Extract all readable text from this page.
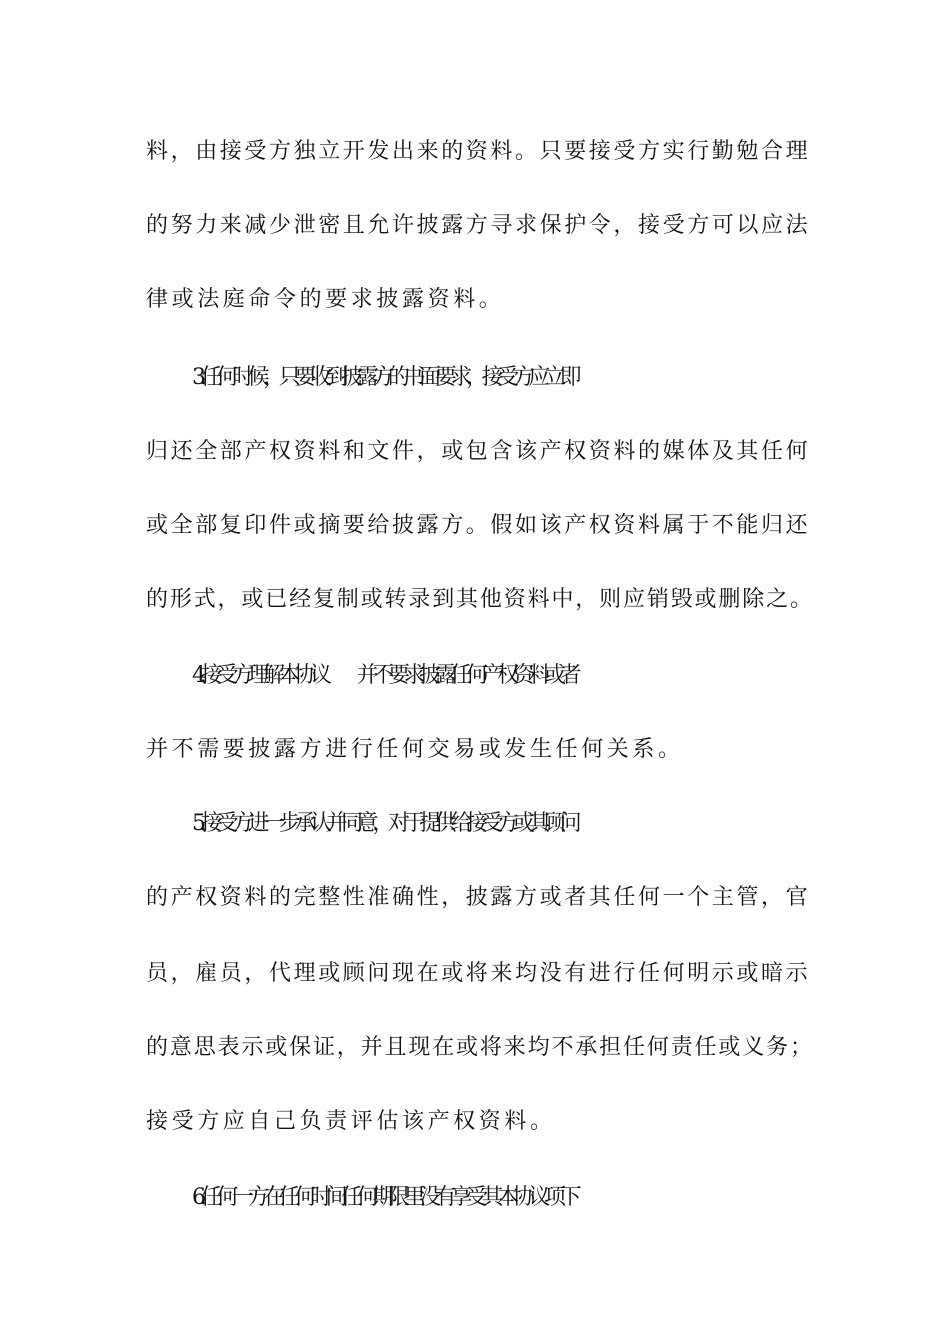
料，由接受方独立开发出来的资料。只要接受方实行勤勉合理
的努力来减少泄密且允许披露方寻求保护令，接受方可以应法
律或法庭命令的要求披露资料。
3. 任何时候，只要收到披露方的书面要求，接受方应立即
归还全部产权资料和文件，或包含该产权资料的媒体及其任何
或全部复印件或摘要给披露方。假如该产权资料属于不能归还
的形式，或已经复制或转录到其他资料中，则应销毁或删除之。
4. 接受方理解本协议　　并不要求披露任何产权资料或者
并不需要披露方进行任何交易或发生任何关系。
5. 接受方进一步承认并同意，对于提供给接受方或其顾问
的产权资料的完整性准确性，披露方或者其任何一个主管，官
员，雇员，代理或顾问现在或将来均没有进行任何明示或暗示
的意思表示或保证，并且现在或将来均不承担任何责任或义务；
接受方应自己负责评估该产权资料。
6. 任何一方在任何时间任何期限里没有享受其本协议项下
